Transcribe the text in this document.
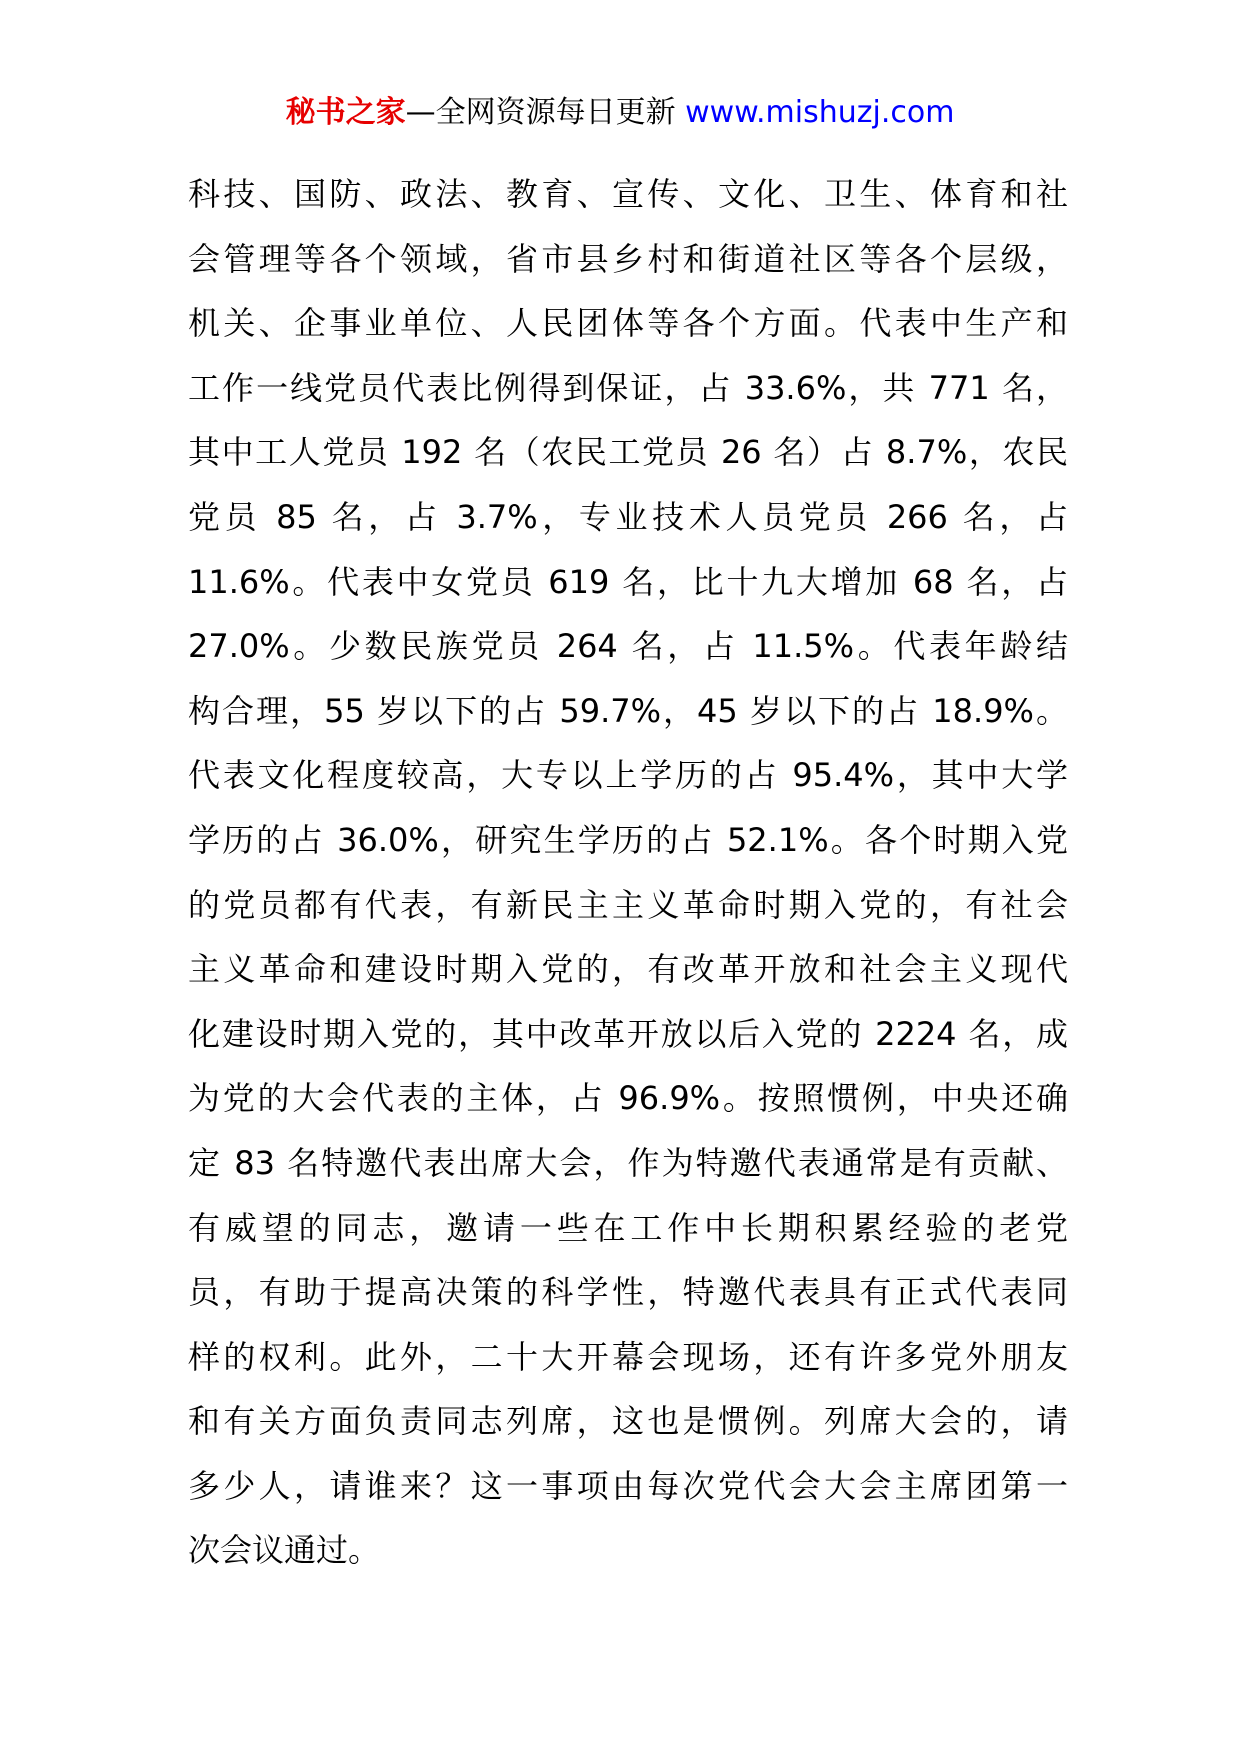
秘书之家—全网资源每日更新 www.mishuzj.com
科技、国防、政法、教育、宣传、文化、卫生、体育和社
会管理等各个领域，省市县乡村和街道社区等各个层级，
机关、企事业单位、人民团体等各个方面。代表中生产和
工作一线党员代表比例得到保证，占 33.6%，共 771 名，
其中工人党员 192 名（农民工党员 26 名）占 8.7%，农民
党员 85 名，占 3.7%，专业技术人员党员 266 名，占
11.6%。代表中女党员 619 名，比十九大增加 68 名，占
27.0%。少数民族党员 264 名，占 11.5%。代表年龄结
构合理，55 岁以下的占 59.7%，45 岁以下的占 18.9%。
代表文化程度较高，大专以上学历的占 95.4%，其中大学
学历的占 36.0%，研究生学历的占 52.1%。各个时期入党
的党员都有代表，有新民主主义革命时期入党的，有社会
主义革命和建设时期入党的，有改革开放和社会主义现代
化建设时期入党的，其中改革开放以后入党的 2224 名，成
为党的大会代表的主体，占 96.9%。按照惯例，中央还确
定 83 名特邀代表出席大会，作为特邀代表通常是有贡献、
有威望的同志，邀请一些在工作中长期积累经验的老党
员，有助于提高决策的科学性，特邀代表具有正式代表同
样的权利。此外，二十大开幕会现场，还有许多党外朋友
和有关方面负责同志列席，这也是惯例。列席大会的，请
多少人，请谁来？这一事项由每次党代会大会主席团第一
次会议通过。
